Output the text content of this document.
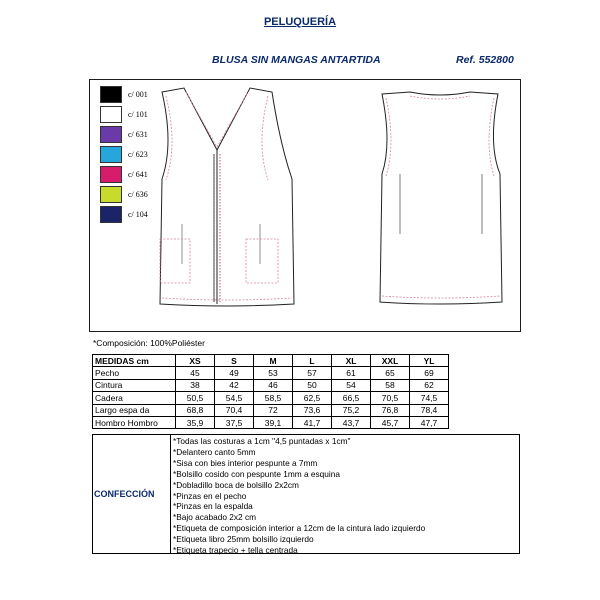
PELUQUERÍA
BLUSA SIN MANGAS ANTARTIDA	Ref. 552800
c/ 001
c/ 101
c/ 631
c/ 623
c/ 641
c/ 636
c/ 104
*Composición: 100%Poliéster
MEDIDAS cm	XS	S	M	L	XL	XXL	YL
Pecho	45	49	53	57	61	65	69
Cintura	38	42	46	50	54	58	62
Cadera	50,5	54,5	58,5	62,5	66,5	70,5	74,5
Largo espa da	68,8	70,4	72	73,6	75,2	76,8	78,4
Hombro Hombro	35,9	37,5	39,1	41,7	43,7	45,7	47,7
CONFECCIÓN
*Todas las costuras a 1cm "4,5 puntadas x 1cm"
*Delantero canto 5mm
*Sisa con bies interior pespunte a 7mm
*Bolsillo cosido con pespunte 1mm a esquina
*Dobladillo boca de bolsillo 2x2cm
*Pinzas en el pecho
*Pinzas en la espalda
*Bajo acabado 2x2 cm
*Etiqueta de composición interior a 12cm de la cintura lado izquierdo
*Etiqueta libro 25mm bolsillo izquierdo
*Etiqueta trapecio + tella centrada
